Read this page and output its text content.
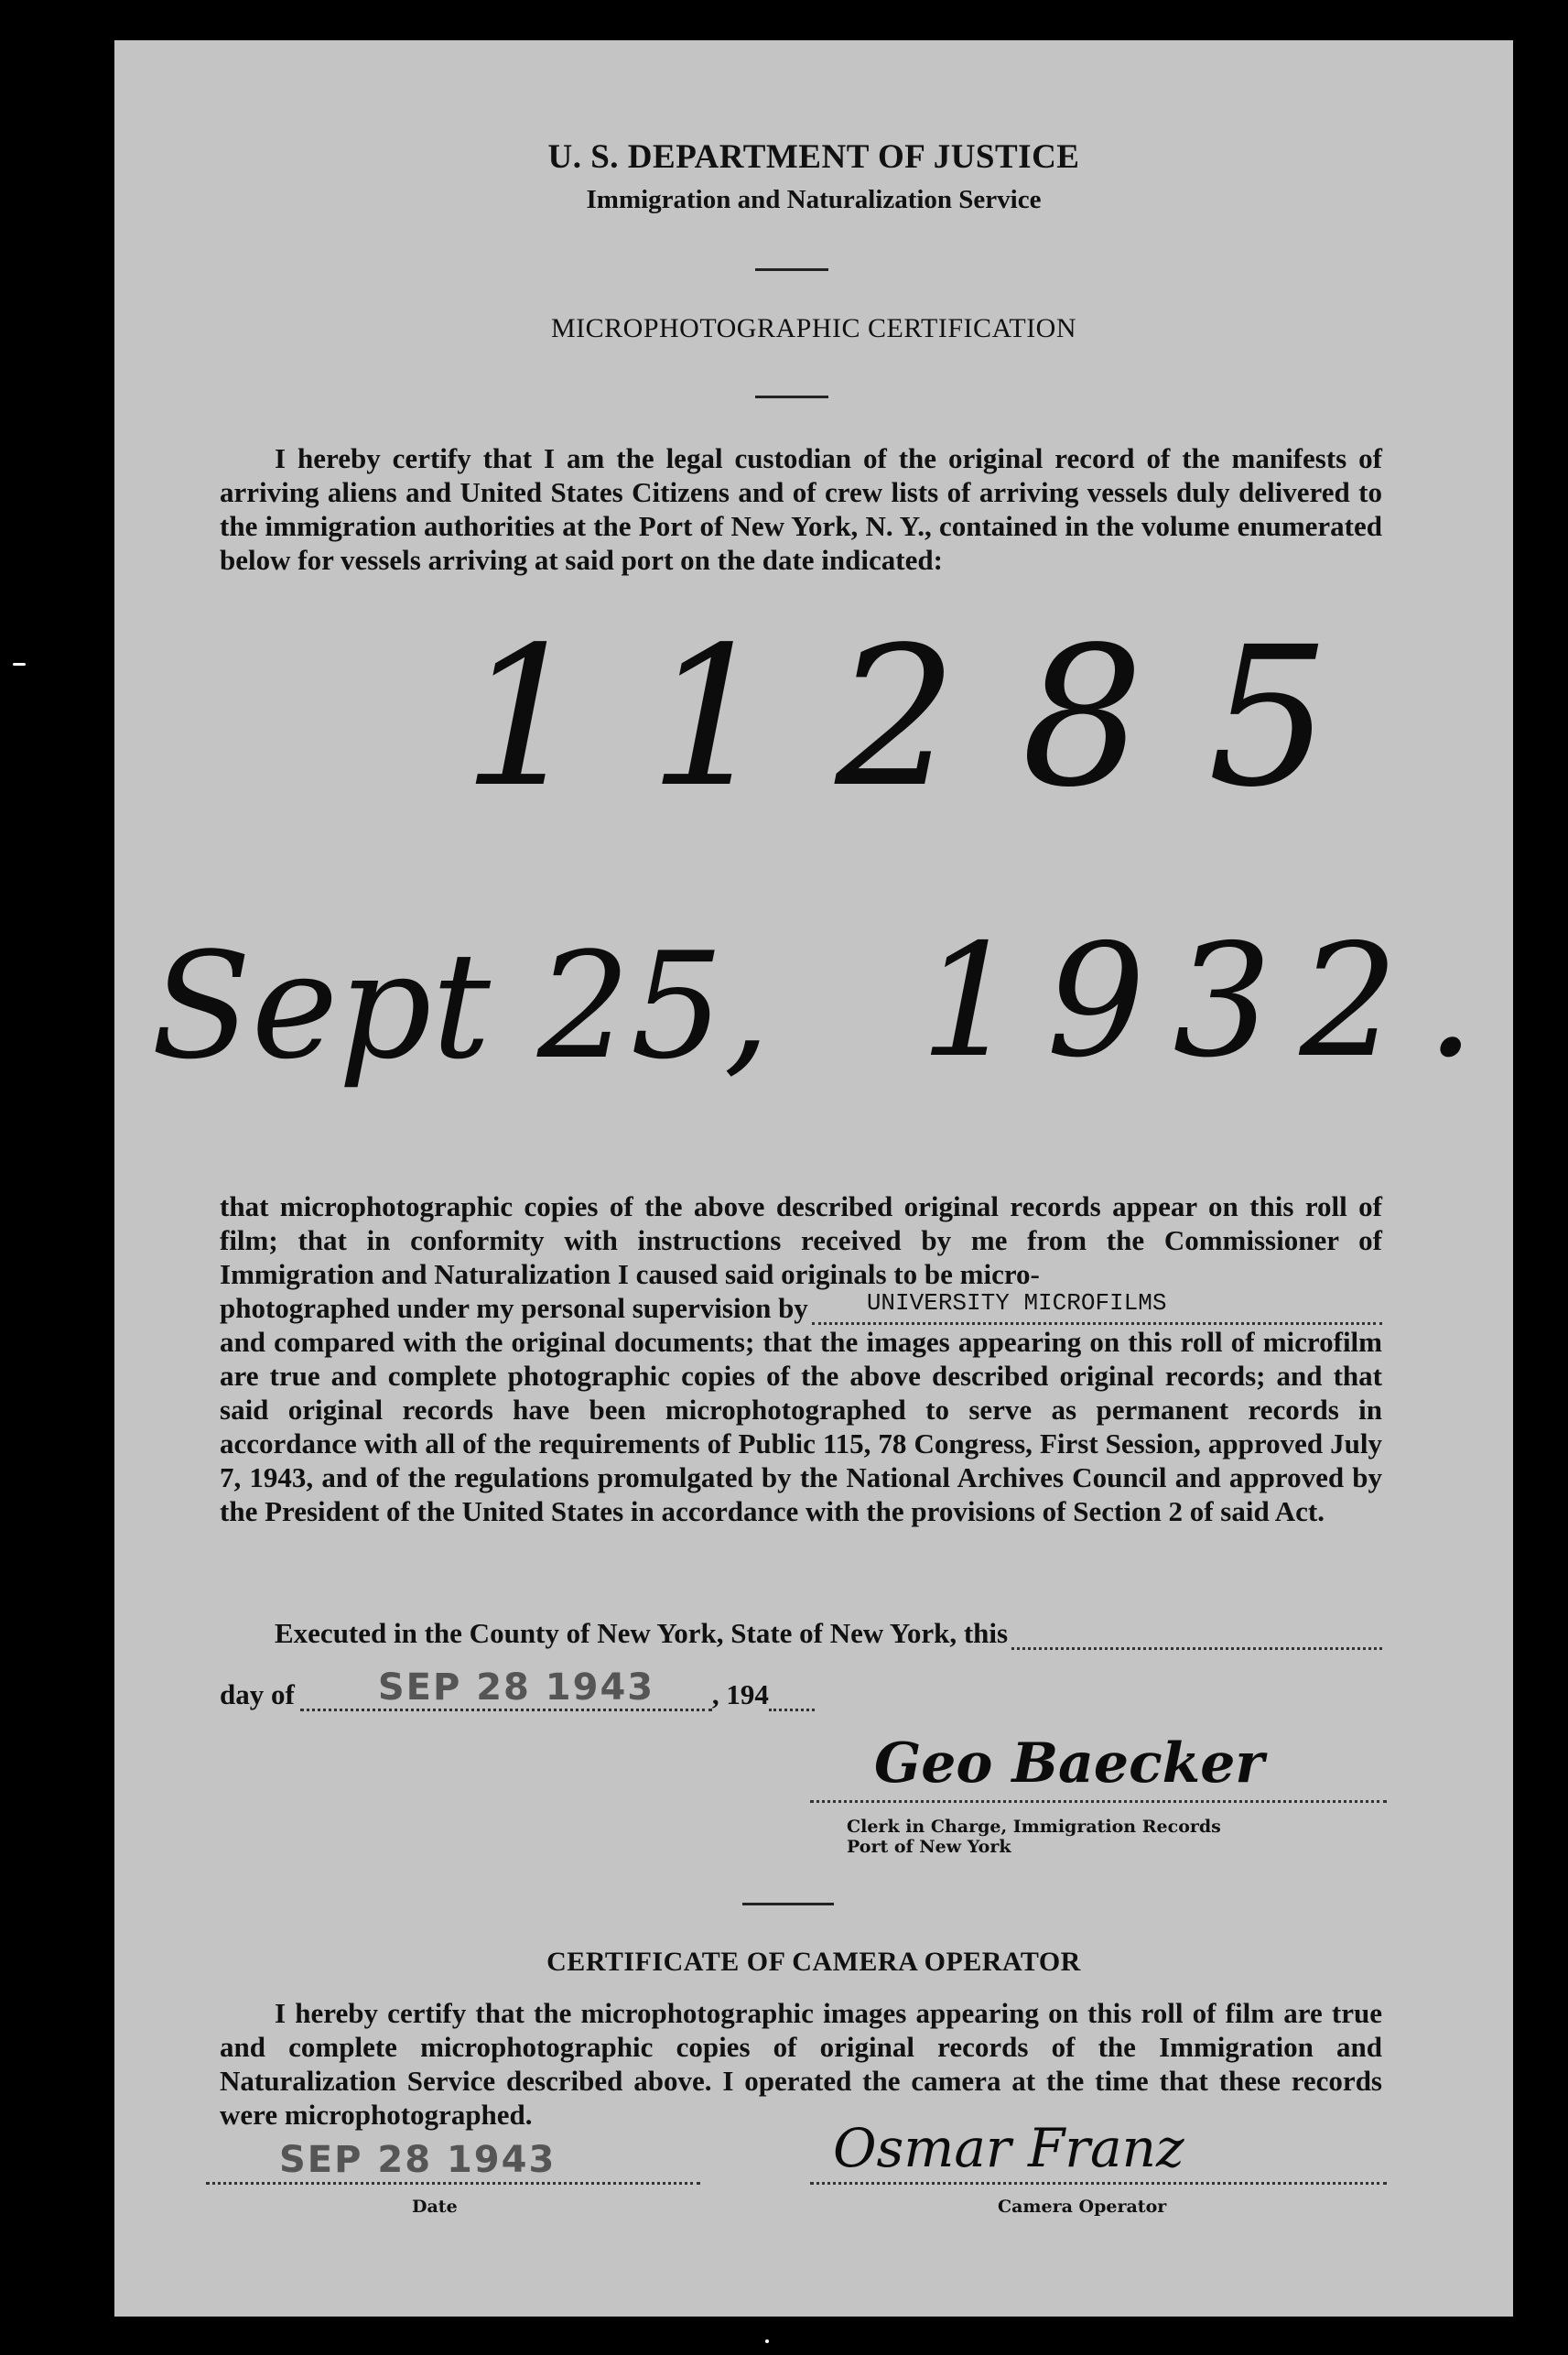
U. S. DEPARTMENT OF JUSTICE
Immigration and Naturalization Service
MICROPHOTOGRAPHIC CERTIFICATION

I hereby certify that I am the legal custodian of the original record of the manifests of arriving aliens and United States Citizens and of crew lists of arriving vessels duly delivered to the immigration authorities at the Port of New York, N. Y., contained in the volume enumerated below for vessels arriving at said port on the date indicated:

11285
Sept 25, 1932.

that microphotographic copies of the above described original records appear on this roll of film; that in conformity with instructions received by me from the Commissioner of Immigration and Naturalization I caused said originals to be micro-

photographed under my personal supervision by UNIVERSITY MICROFILMS

and compared with the original documents; that the images appearing on this roll of microfilm are true and complete photographic copies of the above described original records; and that said original records have been microphotographed to serve as permanent records in accordance with all of the requirements of Public 115, 78 Congress, First Session, approved July 7, 1943, and of the regulations promulgated by the National Archives Council and approved by the President of the United States in accordance with the provisions of Section 2 of said Act.

Executed in the County of New York, State of New York, this
day of SEP 28 1943 , 194
Geo Baecker
Clerk in Charge, Immigration Records
Port of New York
CERTIFICATE OF CAMERA OPERATOR

I hereby certify that the microphotographic images appearing on this roll of film are true and complete microphotographic copies of original records of the Immigration and Naturalization Service described above. I operated the camera at the time that these records were microphotographed.

SEP 28 1943
Date
Osmar Franz
Camera Operator
